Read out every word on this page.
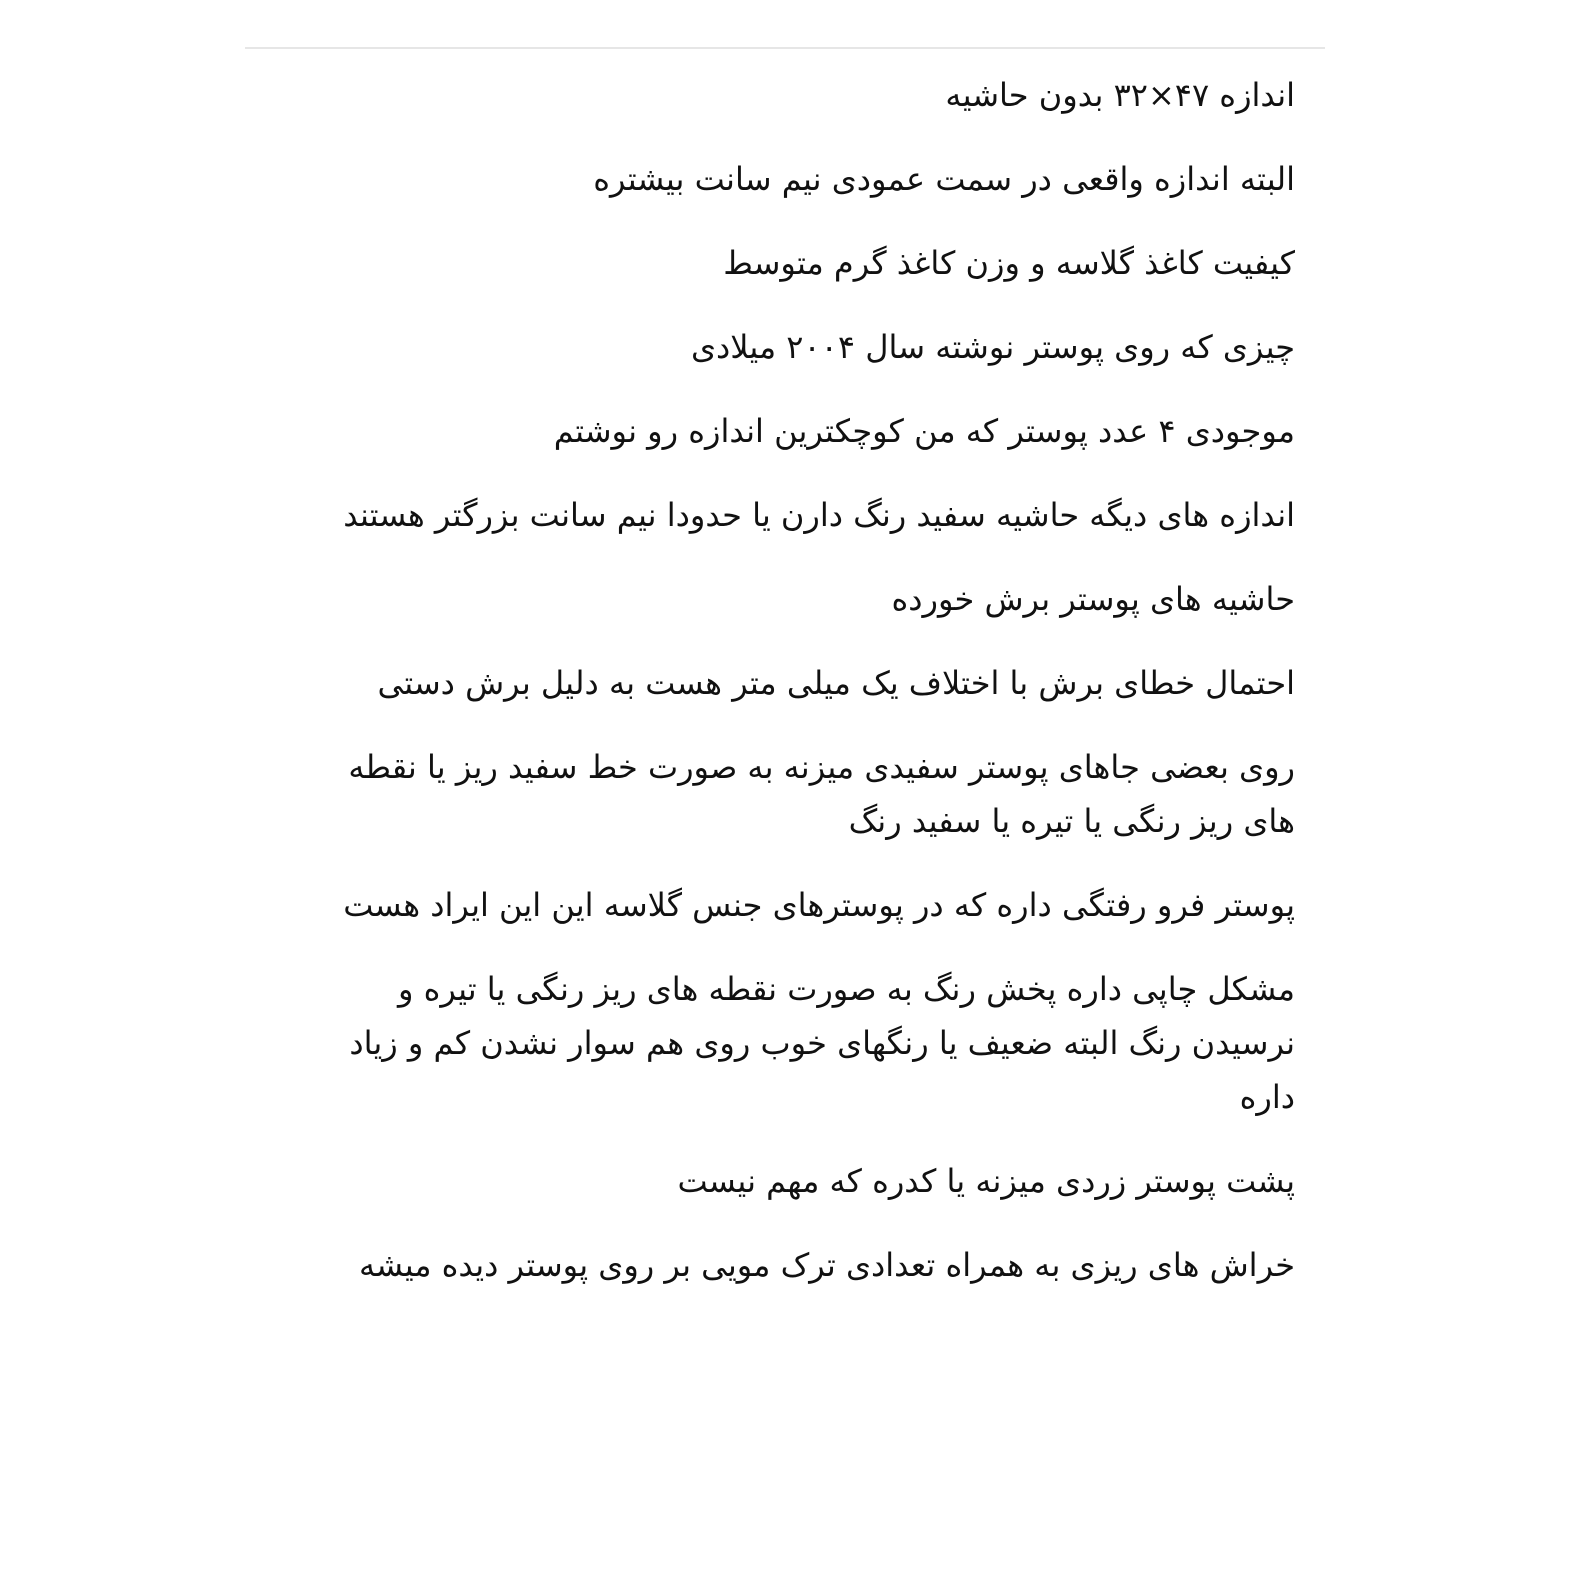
اندازه ۴۷×۳۲ بدون حاشیه

البته اندازه واقعی در سمت عمودی نیم سانت بیشتره

کیفیت کاغذ گلاسه و وزن کاغذ گرم متوسط

چیزی که روی پوستر نوشته سال ۲۰۰۴ میلادی

موجودی ۴ عدد پوستر که من کوچکترین اندازه رو نوشتم

اندازه های دیگه حاشیه سفید رنگ دارن یا حدودا نیم سانت بزرگتر هستند

حاشیه های پوستر برش خورده

احتمال خطای برش با اختلاف یک میلی متر هست به دلیل برش دستی

روی بعضی جاهای پوستر سفیدی میزنه به صورت خط سفید ریز یا نقطه های ریز رنگی یا تیره یا سفید رنگ

پوستر فرو رفتگی داره که در پوسترهای جنس گلاسه این این ایراد هست

مشکل چاپی داره پخش رنگ به صورت نقطه های ریز رنگی یا تیره و نرسیدن رنگ البته ضعیف یا رنگهای خوب روی هم سوار نشدن کم و زیاد داره

پشت پوستر زردی میزنه یا کدره که مهم نیست

خراش های ریزی به همراه تعدادی ترک مویی بر روی پوستر دیده میشه
